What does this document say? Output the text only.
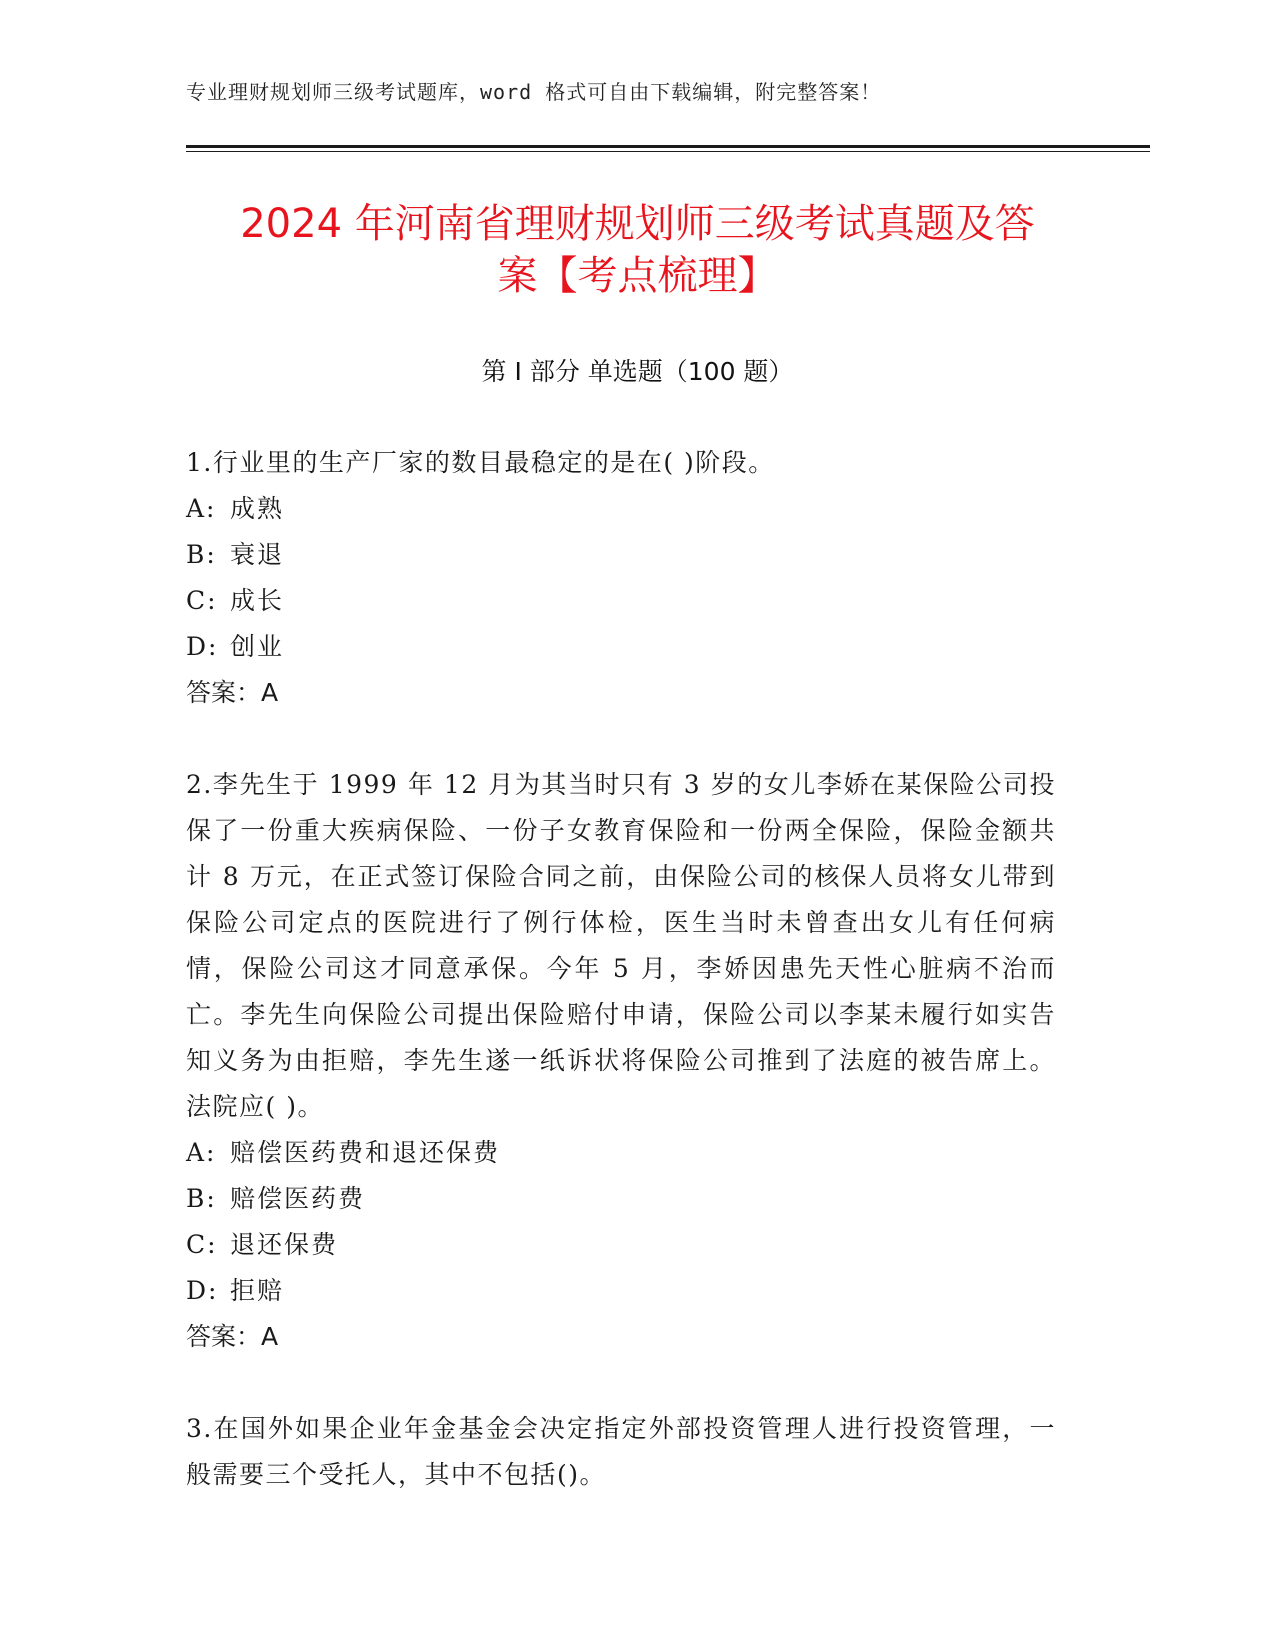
专业理财规划师三级考试题库，word 格式可自由下载编辑，附完整答案！
2024 年河南省理财规划师三级考试真题及答
案【考点梳理】
第 I 部分 单选题（100 题）

1.行业里的生产厂家的数目最稳定的是在( )阶段。

A: 成熟

B: 衰退

C: 成长

D: 创业

答案：A

2.李先生于 1999 年 12 月为其当时只有 3 岁的女儿李娇在某保险公司投保了一份重大疾病保险、一份子女教育保险和一份两全保险，保险金额共计 8 万元，在正式签订保险合同之前，由保险公司的核保人员将女儿带到保险公司定点的医院进行了例行体检，医生当时未曾查出女儿有任何病情，保险公司这才同意承保。今年 5 月，李娇因患先天性心脏病不治而亡。李先生向保险公司提出保险赔付申请，保险公司以李某未履行如实告知义务为由拒赔，李先生遂一纸诉状将保险公司推到了法庭的被告席上。法院应( )。

A: 赔偿医药费和退还保费

B: 赔偿医药费

C: 退还保费

D: 拒赔

答案：A

3.在国外如果企业年金基金会决定指定外部投资管理人进行投资管理，一般需要三个受托人，其中不包括()。
